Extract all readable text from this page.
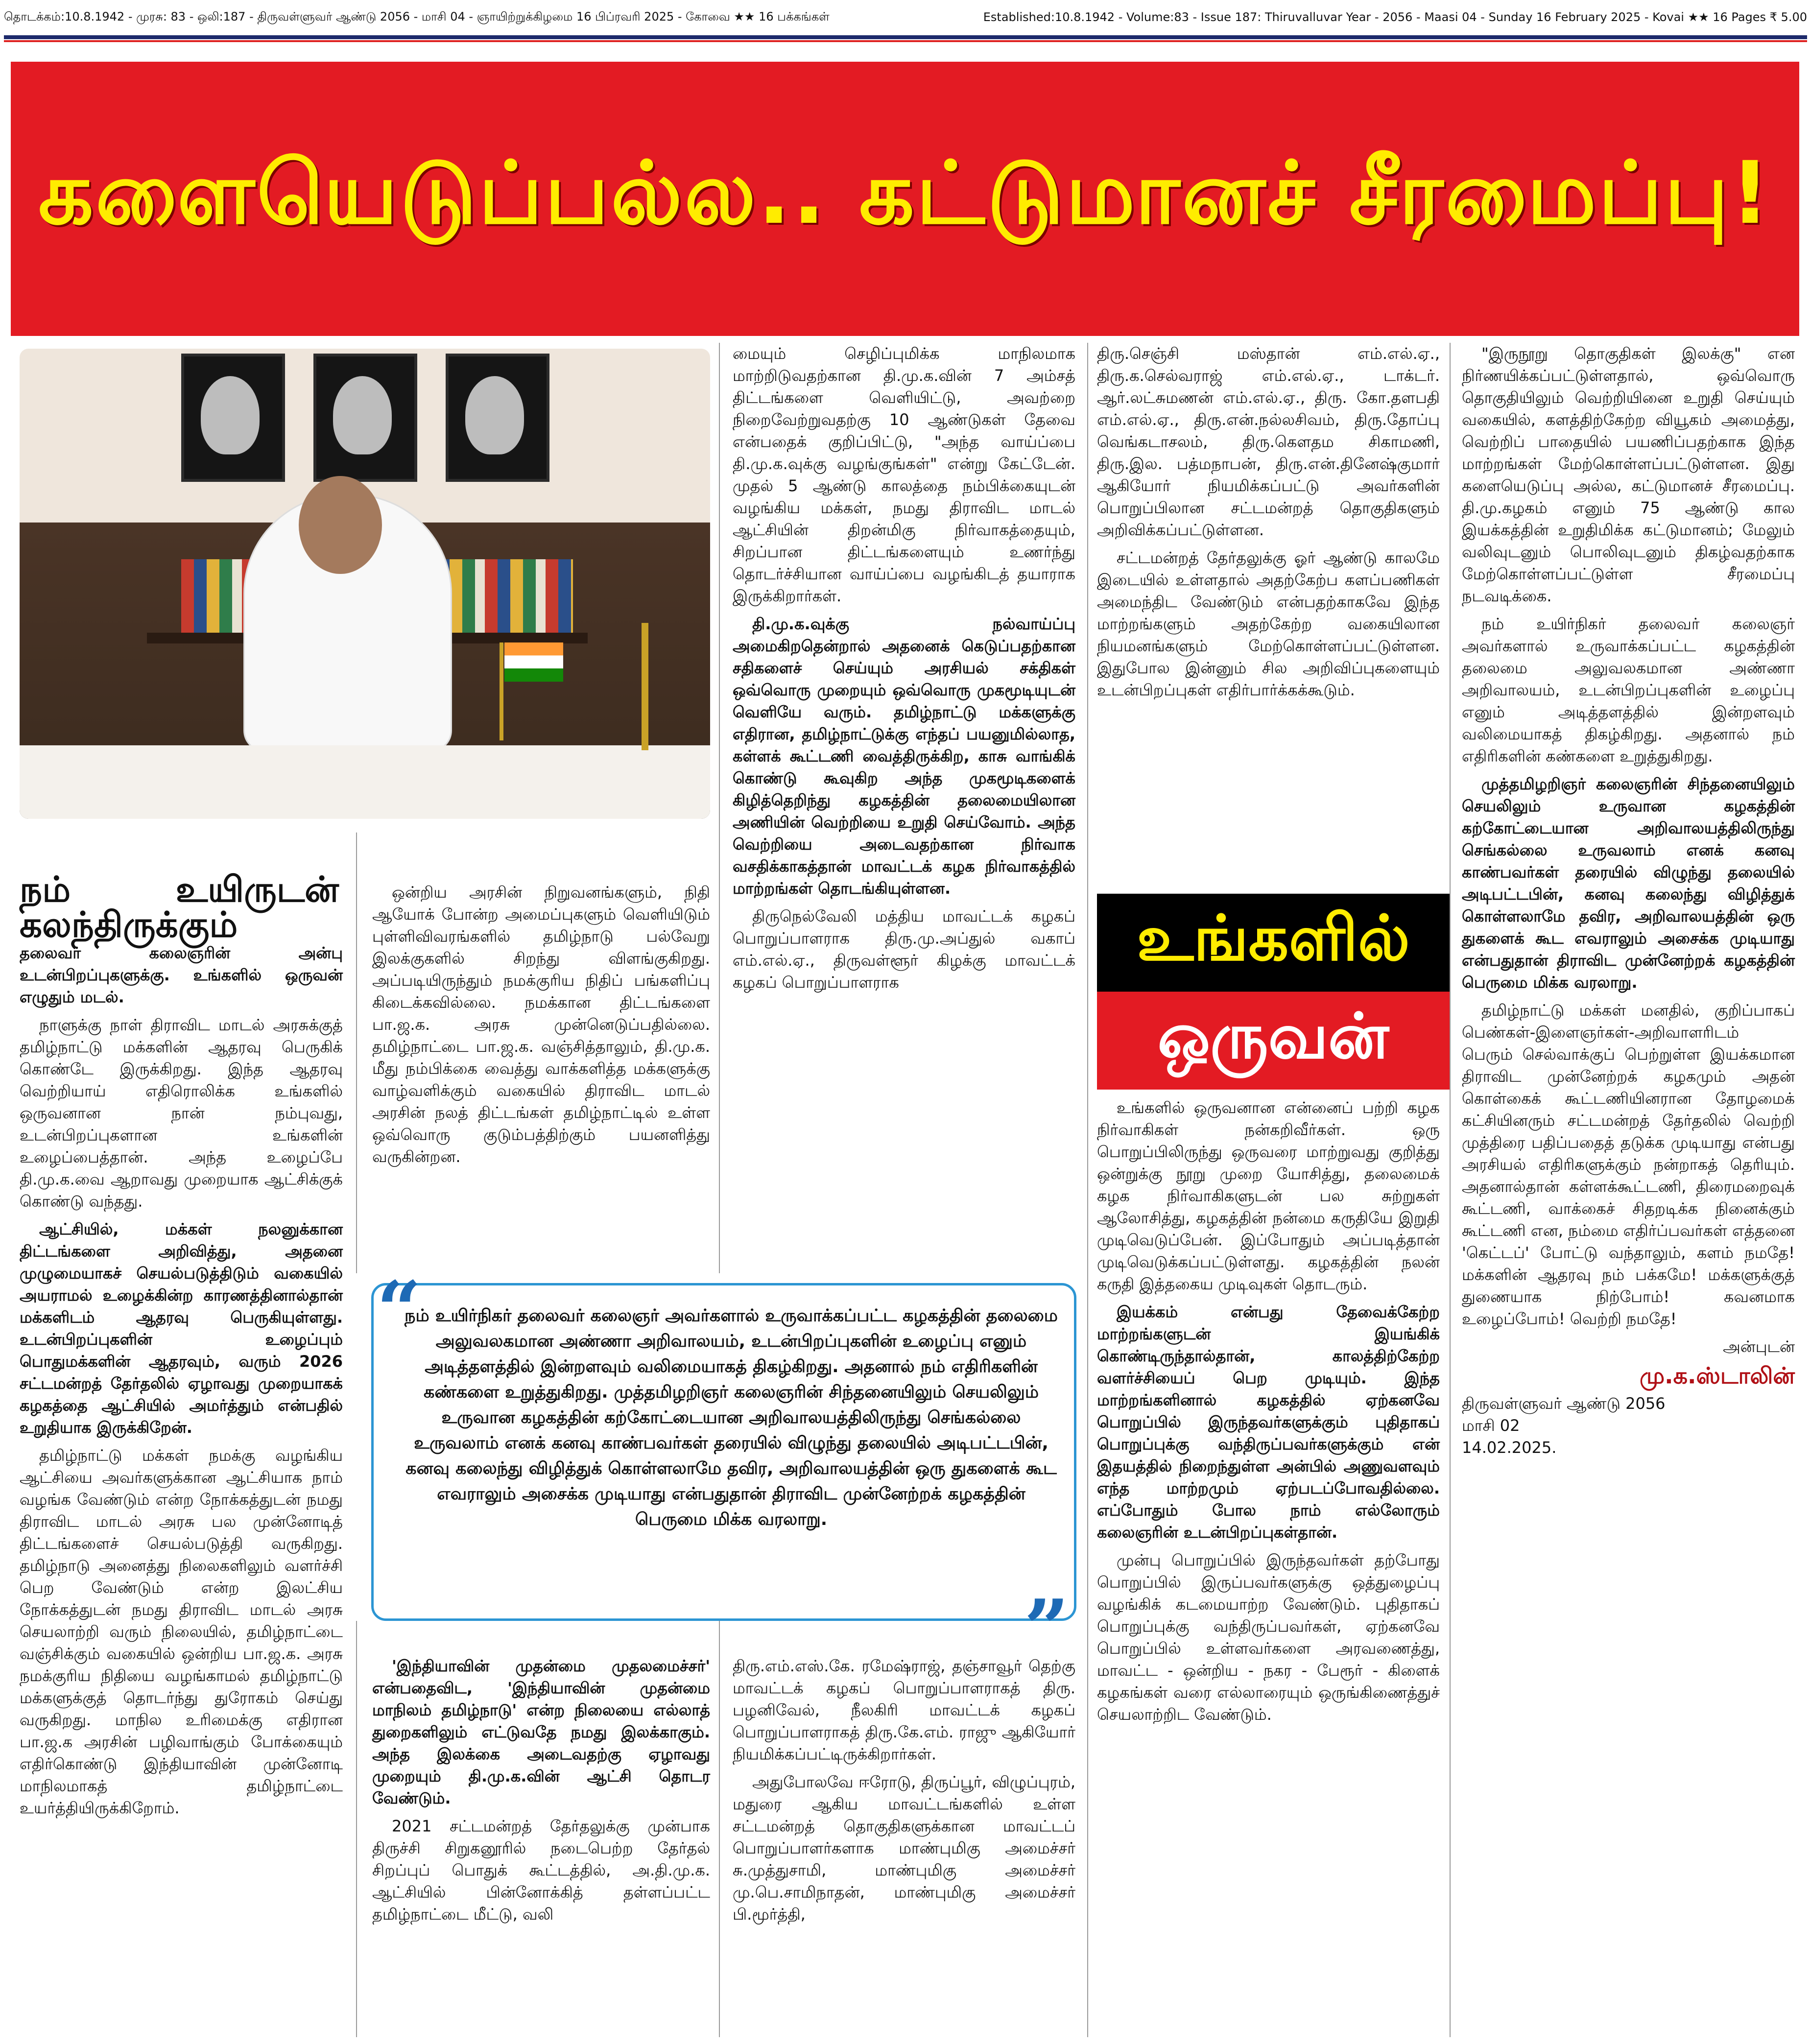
தொடக்கம்:10.8.1942 - முரசு: 83 - ஒலி:187 - திருவள்ளுவர் ஆண்டு 2056 - மாசி 04 - ஞாயிற்றுக்கிழமை 16 பிப்ரவரி 2025 - கோவை ★★ 16 பக்கங்கள்	Established:10.8.1942 - Volume:83 - Issue 187: Thiruvalluvar Year - 2056 - Maasi 04 - Sunday 16 February 2025 - Kovai ★★ 16 Pages ₹ 5.00
களையெடுப்பல்ல.. கட்டுமானச் சீரமைப்பு!

நம் உயிருடன் கலந்திருக்கும்
தலைவர் கலைஞரின் அன்பு உடன்பிறப்புகளுக்கு. உங்களில் ஒருவன் எழுதும் மடல்.

நாளுக்கு நாள் திராவிட மாடல் அரசுக்குத் தமிழ்நாட்டு மக்களின் ஆதரவு பெருகிக் கொண்டே இருக்கிறது. இந்த ஆதரவு வெற்றியாய் எதிரொலிக்க உங்களில் ஒருவனான நான் நம்புவது, உடன்பிறப்புகளான உங்களின் உழைப்பைத்தான். அந்த உழைப்பே தி.மு.க.வை ஆறாவது முறையாக ஆட்சிக்குக் கொண்டு வந்தது.

ஆட்சியில், மக்கள் நலனுக்கான திட்டங்களை அறிவித்து, அதனை முழுமையாகச் செயல்படுத்திடும் வகையில் அயராமல் உழைக்கின்ற காரணத்தினால்தான் மக்களிடம் ஆதரவு பெருகியுள்ளது. உடன்பிறப்புகளின் உழைப்பும் பொதுமக்களின் ஆதரவும், வரும் 2026 சட்டமன்றத் தேர்தலில் ஏழாவது முறையாகக் கழகத்தை ஆட்சியில் அமர்த்தும் என்பதில் உறுதியாக இருக்கிறேன்.

தமிழ்நாட்டு மக்கள் நமக்கு வழங்கிய ஆட்சியை அவர்களுக்கான ஆட்சியாக நாம் வழங்க வேண்டும் என்ற நோக்கத்துடன் நமது திராவிட மாடல் அரசு பல முன்னோடித் திட்டங்களைச் செயல்படுத்தி வருகிறது. தமிழ்நாடு அனைத்து நிலைகளிலும் வளர்ச்சி பெற வேண்டும் என்ற இலட்சிய நோக்கத்துடன் நமது திராவிட மாடல் அரசு செயலாற்றி வரும் நிலையில், தமிழ்நாட்டை வஞ்சிக்கும் வகையில் ஒன்றிய பா.ஜ.க. அரசு நமக்குரிய நிதியை வழங்காமல் தமிழ்நாட்டு மக்களுக்குத் தொடர்ந்து துரோகம் செய்து வருகிறது. மாநில உரிமைக்கு எதிரான பா.ஜ.க அரசின் பழிவாங்கும் போக்கையும் எதிர்கொண்டு இந்தியாவின் முன்னோடி மாநிலமாகத் தமிழ்நாட்டை உயர்த்தியிருக்கிறோம்.

ஒன்றிய அரசின் நிறுவனங்களும், நிதி ஆயோக் போன்ற அமைப்புகளும் வெளியிடும் புள்ளிவிவரங்களில் தமிழ்நாடு பல்வேறு இலக்குகளில் சிறந்து விளங்குகிறது. அப்படியிருந்தும் நமக்குரிய நிதிப் பங்களிப்பு கிடைக்கவில்லை. நமக்கான திட்டங்களை பா.ஜ.க. அரசு முன்னெடுப்பதில்லை. தமிழ்நாட்டை பா.ஜ.க. வஞ்சித்தாலும், தி.மு.க. மீது நம்பிக்கை வைத்து வாக்களித்த மக்களுக்கு வாழ்வளிக்கும் வகையில் திராவிட மாடல் அரசின் நலத் திட்டங்கள் தமிழ்நாட்டில் உள்ள ஒவ்வொரு குடும்பத்திற்கும் பயனளித்து வருகின்றன.

மையும் செழிப்புமிக்க மாநிலமாக மாற்றிடுவதற்கான தி.மு.க.வின் 7 அம்சத் திட்டங்களை வெளியிட்டு, அவற்றை நிறைவேற்றுவதற்கு 10 ஆண்டுகள் தேவை என்பதைக் குறிப்பிட்டு, "அந்த வாய்ப்பை தி.மு.க.வுக்கு வழங்குங்கள்" என்று கேட்டேன். முதல் 5 ஆண்டு காலத்தை நம்பிக்கையுடன் வழங்கிய மக்கள், நமது திராவிட மாடல் ஆட்சியின் திறன்மிகு நிர்வாகத்தையும், சிறப்பான திட்டங்களையும் உணர்ந்து தொடர்ச்சியான வாய்ப்பை வழங்கிடத் தயாராக இருக்கிறார்கள்.

தி.மு.க.வுக்கு நல்வாய்ப்பு அமைகிறதென்றால் அதனைக் கெடுப்பதற்கான சதிகளைச் செய்யும் அரசியல் சக்திகள் ஒவ்வொரு முறையும் ஒவ்வொரு முகமூடியுடன் வெளியே வரும். தமிழ்நாட்டு மக்களுக்கு எதிரான, தமிழ்நாட்டுக்கு எந்தப் பயனுமில்லாத, கள்ளக் கூட்டணி வைத்திருக்கிற, காசு வாங்கிக் கொண்டு கூவுகிற அந்த முகமூடிகளைக் கிழித்தெறிந்து கழகத்தின் தலைமையிலான அணியின் வெற்றியை உறுதி செய்வோம். அந்த வெற்றியை அடைவதற்கான நிர்வாக வசதிக்காகத்தான் மாவட்டக் கழக நிர்வாகத்தில் மாற்றங்கள் தொடங்கியுள்ளன.

திருநெல்வேலி மத்திய மாவட்டக் கழகப் பொறுப்பாளராக திரு.மு.அப்துல் வகாப் எம்.எல்.ஏ., திருவள்ளூர் கிழக்கு மாவட்டக் கழகப் பொறுப்பாளராக

“
நம் உயிர்நிகர் தலைவர் கலைஞர் அவர்களால் உருவாக்கப்பட்ட கழகத்தின் தலைமை அலுவலகமான அண்ணா அறிவாலயம், உடன்பிறப்புகளின் உழைப்பு எனும் அடித்தளத்தில் இன்றளவும் வலிமையாகத் திகழ்கிறது. அதனால் நம் எதிரிகளின் கண்களை உறுத்துகிறது. முத்தமிழறிஞர் கலைஞரின் சிந்தனையிலும் செயலிலும் உருவான கழகத்தின் கற்கோட்டையான அறிவாலயத்திலிருந்து செங்கல்லை உருவலாம் எனக் கனவு காண்பவர்கள் தரையில் விழுந்து தலையில் அடிபட்டபின், கனவு கலைந்து விழித்துக் கொள்ளலாமே தவிர, அறிவாலயத்தின் ஒரு துகளைக் கூட எவராலும் அசைக்க முடியாது என்பதுதான் திராவிட முன்னேற்றக் கழகத்தின் பெருமை மிக்க வரலாறு.
”

'இந்தியாவின் முதன்மை முதலமைச்சர்' என்பதைவிட, 'இந்தியாவின் முதன்மை மாநிலம் தமிழ்நாடு' என்ற நிலையை எல்லாத் துறைகளிலும் எட்டுவதே நமது இலக்காகும். அந்த இலக்கை அடைவதற்கு ஏழாவது முறையும் தி.மு.க.வின் ஆட்சி தொடர வேண்டும்.

2021 சட்டமன்றத் தேர்தலுக்கு முன்பாக திருச்சி சிறுகனூரில் நடைபெற்ற தேர்தல் சிறப்புப் பொதுக் கூட்டத்தில், அ.தி.மு.க. ஆட்சியில் பின்னோக்கித் தள்ளப்பட்ட தமிழ்நாட்டை மீட்டு, வலி

திரு.எம்.எஸ்.கே. ரமேஷ்ராஜ், தஞ்சாவூர் தெற்கு மாவட்டக் கழகப் பொறுப்பாளராகத் திரு. பழனிவேல், நீலகிரி மாவட்டக் கழகப் பொறுப்பாளராகத் திரு.கே.எம். ராஜு ஆகியோர் நியமிக்கப்பட்டிருக்கிறார்கள்.

அதுபோலவே ஈரோடு, திருப்பூர், விழுப்புரம், மதுரை ஆகிய மாவட்டங்களில் உள்ள சட்டமன்றத் தொகுதிகளுக்கான மாவட்டப் பொறுப்பாளர்களாக மாண்புமிகு அமைச்சர் சு.முத்துசாமி, மாண்புமிகு அமைச்சர் மு.பெ.சாமிநாதன், மாண்புமிகு அமைச்சர் பி.மூர்த்தி,

திரு.செஞ்சி மஸ்தான் எம்.எல்.ஏ., திரு.க.செல்வராஜ் எம்.எல்.ஏ., டாக்டர். ஆர்.லட்சுமணன் எம்.எல்.ஏ., திரு. கோ.தளபதி எம்.எல்.ஏ., திரு.என்.நல்லசிவம், திரு.தோப்பு வெங்கடாசலம், திரு.கௌதம சிகாமணி, திரு.இல. பத்மநாபன், திரு.என்.தினேஷ்குமார் ஆகியோர் நியமிக்கப்பட்டு அவர்களின் பொறுப்பிலான சட்டமன்றத் தொகுதிகளும் அறிவிக்கப்பட்டுள்ளன.

சட்டமன்றத் தேர்தலுக்கு ஓர் ஆண்டு காலமே இடையில் உள்ளதால் அதற்கேற்ப களப்பணிகள் அமைந்திட வேண்டும் என்பதற்காகவே இந்த மாற்றங்களும் அதற்கேற்ற வகையிலான நியமனங்களும் மேற்கொள்ளப்பட்டுள்ளன. இதுபோல இன்னும் சில அறிவிப்புகளையும் உடன்பிறப்புகள் எதிர்பார்க்கக்கூடும்.

உங்களில்
ஒருவன்

உங்களில் ஒருவனான என்னைப் பற்றி கழக நிர்வாகிகள் நன்கறிவீர்கள். ஒரு பொறுப்பிலிருந்து ஒருவரை மாற்றுவது குறித்து ஒன்றுக்கு நூறு முறை யோசித்து, தலைமைக் கழக நிர்வாகிகளுடன் பல சுற்றுகள் ஆலோசித்து, கழகத்தின் நன்மை கருதியே இறுதி முடிவெடுப்பேன். இப்போதும் அப்படித்தான் முடிவெடுக்கப்பட்டுள்ளது. கழகத்தின் நலன் கருதி இத்தகைய முடிவுகள் தொடரும்.

இயக்கம் என்பது தேவைக்கேற்ற மாற்றங்களுடன் இயங்கிக் கொண்டிருந்தால்தான், காலத்திற்கேற்ற வளர்ச்சியைப் பெற முடியும். இந்த மாற்றங்களினால் கழகத்தில் ஏற்கனவே பொறுப்பில் இருந்தவர்களுக்கும் புதிதாகப் பொறுப்புக்கு வந்திருப்பவர்களுக்கும் என் இதயத்தில் நிறைந்துள்ள அன்பில் அணுவளவும் எந்த மாற்றமும் ஏற்படப்போவதில்லை. எப்போதும் போல நாம் எல்லோரும் கலைஞரின் உடன்பிறப்புகள்தான்.

முன்பு பொறுப்பில் இருந்தவர்கள் தற்போது பொறுப்பில் இருப்பவர்களுக்கு ஒத்துழைப்பு வழங்கிக் கடமையாற்ற வேண்டும். புதிதாகப் பொறுப்புக்கு வந்திருப்பவர்கள், ஏற்கனவே பொறுப்பில் உள்ளவர்களை அரவணைத்து, மாவட்ட - ஒன்றிய - நகர - பேரூர் - கிளைக் கழகங்கள் வரை எல்லாரையும் ஒருங்கிணைத்துச் செயலாற்றிட வேண்டும்.

"இருநூறு தொகுதிகள் இலக்கு" என நிர்ணயிக்கப்பட்டுள்ளதால், ஒவ்வொரு தொகுதியிலும் வெற்றியினை உறுதி செய்யும் வகையில், களத்திற்கேற்ற வியூகம் அமைத்து, வெற்றிப் பாதையில் பயணிப்பதற்காக இந்த மாற்றங்கள் மேற்கொள்ளப்பட்டுள்ளன. இது களையெடுப்பு அல்ல, கட்டுமானச் சீரமைப்பு. தி.மு.கழகம் எனும் 75 ஆண்டு கால இயக்கத்தின் உறுதிமிக்க கட்டுமானம்; மேலும் வலிவுடனும் பொலிவுடனும் திகழ்வதற்காக மேற்கொள்ளப்பட்டுள்ள சீரமைப்பு நடவடிக்கை.

நம் உயிர்நிகர் தலைவர் கலைஞர் அவர்களால் உருவாக்கப்பட்ட கழகத்தின் தலைமை அலுவலகமான அண்ணா அறிவாலயம், உடன்பிறப்புகளின் உழைப்பு எனும் அடித்தளத்தில் இன்றளவும் வலிமையாகத் திகழ்கிறது. அதனால் நம் எதிரிகளின் கண்களை உறுத்துகிறது.

முத்தமிழறிஞர் கலைஞரின் சிந்தனையிலும் செயலிலும் உருவான கழகத்தின் கற்கோட்டையான அறிவாலயத்திலிருந்து செங்கல்லை உருவலாம் எனக் கனவு காண்பவர்கள் தரையில் விழுந்து தலையில் அடிபட்டபின், கனவு கலைந்து விழித்துக் கொள்ளலாமே தவிர, அறிவாலயத்தின் ஒரு துகளைக் கூட எவராலும் அசைக்க முடியாது என்பதுதான் திராவிட முன்னேற்றக் கழகத்தின் பெருமை மிக்க வரலாறு.

தமிழ்நாட்டு மக்கள் மனதில், குறிப்பாகப் பெண்கள்-இளைஞர்கள்-அறிவாளரிடம் பெரும் செல்வாக்குப் பெற்றுள்ள இயக்கமான திராவிட முன்னேற்றக் கழகமும் அதன் கொள்கைக் கூட்டணியினரான தோழமைக் கட்சியினரும் சட்டமன்றத் தேர்தலில் வெற்றி முத்திரை பதிப்பதைத் தடுக்க முடியாது என்பது அரசியல் எதிரிகளுக்கும் நன்றாகத் தெரியும். அதனால்தான் கள்ளக்கூட்டணி, திரைமறைவுக் கூட்டணி, வாக்கைச் சிதறடிக்க நினைக்கும் கூட்டணி என, நம்மை எதிர்ப்பவர்கள் எத்தனை 'கெட்டப்' போட்டு வந்தாலும், களம் நமதே! மக்களின் ஆதரவு நம் பக்கமே! மக்களுக்குத் துணையாக நிற்போம்! கவனமாக உழைப்போம்! வெற்றி நமதே!

அன்புடன்

மு.க.ஸ்டாலின்

திருவள்ளுவர் ஆண்டு 2056

மாசி 02

14.02.2025.
